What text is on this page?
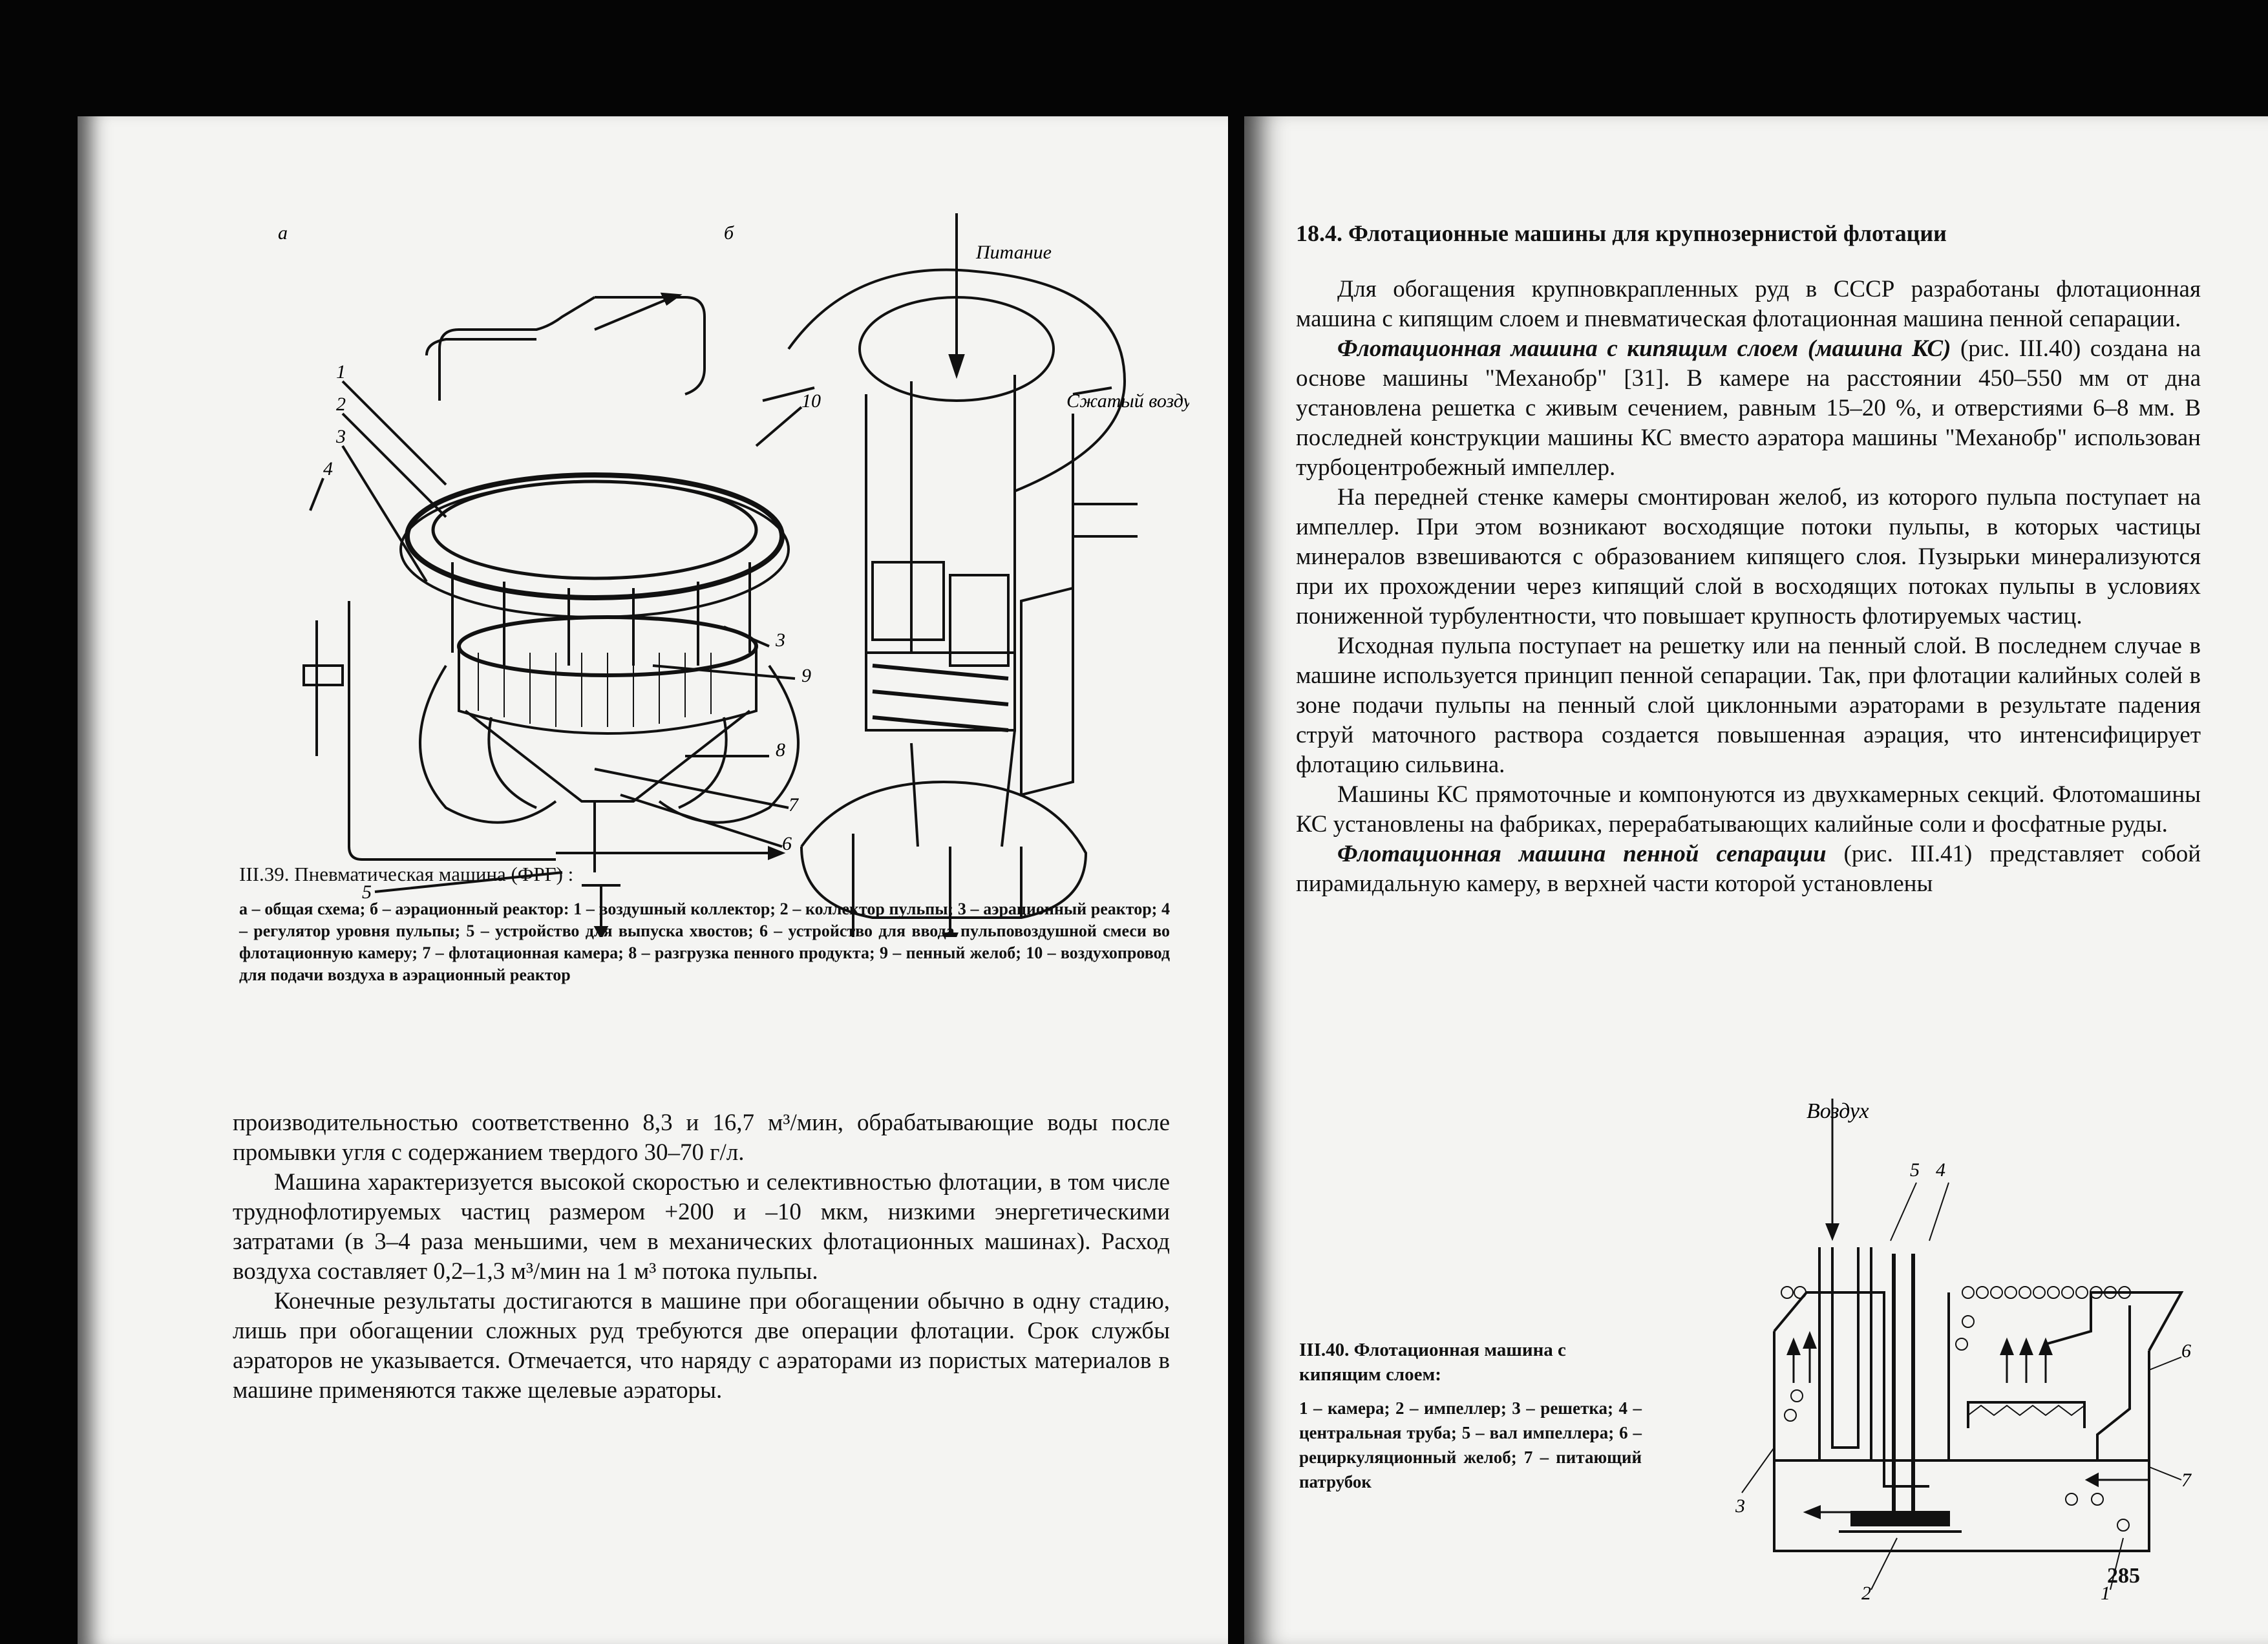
а	б
Питание
Сжатый воздух
1
2
3
4
10
3
9
8
7
6
5
III.39. Пневматическая машина (ФРГ) :
а – общая схема; б – аэрационный реактор: 1 – воздушный коллектор; 2 – коллектор пульпы; 3 – аэрационный реактор; 4 – регулятор уровня пульпы; 5 – устройство для выпуска хвостов; 6 – устройство для ввода пульповоздушной смеси во флотационную камеру; 7 – флотационная камера; 8 – разгрузка пенного продукта; 9 – пенный желоб; 10 – воздухопровод для подачи воздуха в аэрационный реактор

производительностью соответственно 8,3 и 16,7 м³/мин, обрабатывающие воды после промывки угля с содержанием твердого 30–70 г/л.

Машина характеризуется высокой скоростью и селективностью флотации, в том числе труднофлотируемых частиц размером +200 и –10 мкм, низкими энергетическими затратами (в 3–4 раза меньшими, чем в механических флотационных машинах). Расход воздуха составляет 0,2–1,3 м³/мин на 1 м³ потока пульпы.

Конечные результаты достигаются в машине при обогащении обычно в одну стадию, лишь при обогащении сложных руд требуются две операции флотации. Срок службы аэраторов не указывается. Отмечается, что наряду с аэраторами из пористых материалов в машине применяются также щелевые аэраторы.

18.4. Флотационные машины для крупнозернистой флотации

Для обогащения крупновкрапленных руд в СССР разработаны флотационная машина с кипящим слоем и пневматическая флотационная машина пенной сепарации.

Флотационная машина с кипящим слоем (машина КС) (рис. III.40) создана на основе машины "Механобр" [31]. В камере на расстоянии 450–550 мм от дна установлена решетка с живым сечением, равным 15–20 %, и отверстиями 6–8 мм. В последней конструкции машины КС вместо аэратора машины "Механобр" использован турбоцентробежный импеллер.

На передней стенке камеры смонтирован желоб, из которого пульпа поступает на импеллер. При этом возникают восходящие потоки пульпы, в которых частицы минералов взвешиваются с образованием кипящего слоя. Пузырьки минерализуются при их прохождении через кипящий слой в восходящих потоках пульпы в условиях пониженной турбулентности, что повышает крупность флотируемых частиц.

Исходная пульпа поступает на решетку или на пенный слой. В последнем случае в машине используется принцип пенной сепарации. Так, при флотации калийных солей в зоне подачи пульпы на пенный слой циклонными аэраторами в результате падения струй маточного раствора создается повышенная аэрация, что интенсифицирует флотацию сильвина.

Машины КС прямоточные и компонуются из двухкамерных секций. Флотомашины КС установлены на фабриках, перерабатывающих калийные соли и фосфатные руды.

Флотационная машина пенной сепарации (рис. III.41) представляет собой пирамидальную камеру, в верхней части которой установлены

III.40. Флотационная машина с кипящим слоем:
1 – камера; 2 – импеллер; 3 – решетка; 4 – центральная труба; 5 – вал импеллера; 6 – рециркуляционный желоб; 7 – питающий патрубок
Воздух
5 4
6
3
7
2	1
285
